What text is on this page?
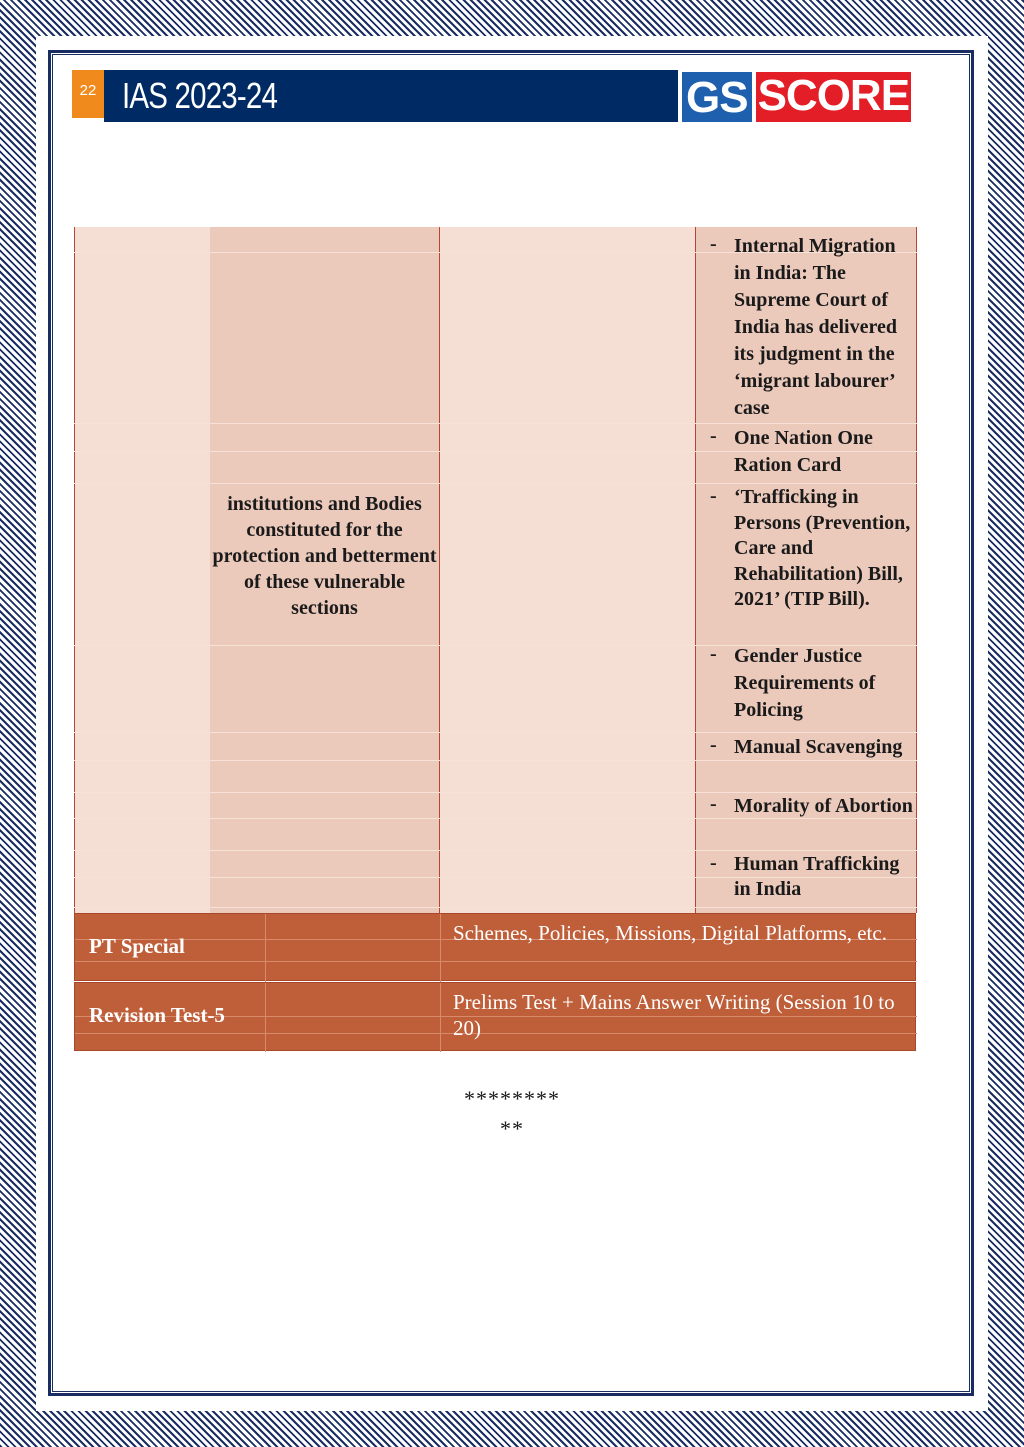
22 IAS 2023-24	GS SCORE
institutions and Bodies constituted for the protection and betterment of these vulnerable sections
- Internal Migration in India: The Supreme Court of India has delivered its judgment in the ‘migrant labourer’ case
- One Nation One Ration Card
- ‘Trafficking in Persons (Prevention, Care and Rehabilitation) Bill, 2021’ (TIP Bill).
- Gender Justice Requirements of Policing
- Manual Scavenging
- Morality of Abortion
- Human Trafficking in India
PT Special
Schemes, Policies, Missions, Digital Platforms, etc.
Revision Test-5
Prelims Test + Mains Answer Writing (Session 10 to 20)
********
**
